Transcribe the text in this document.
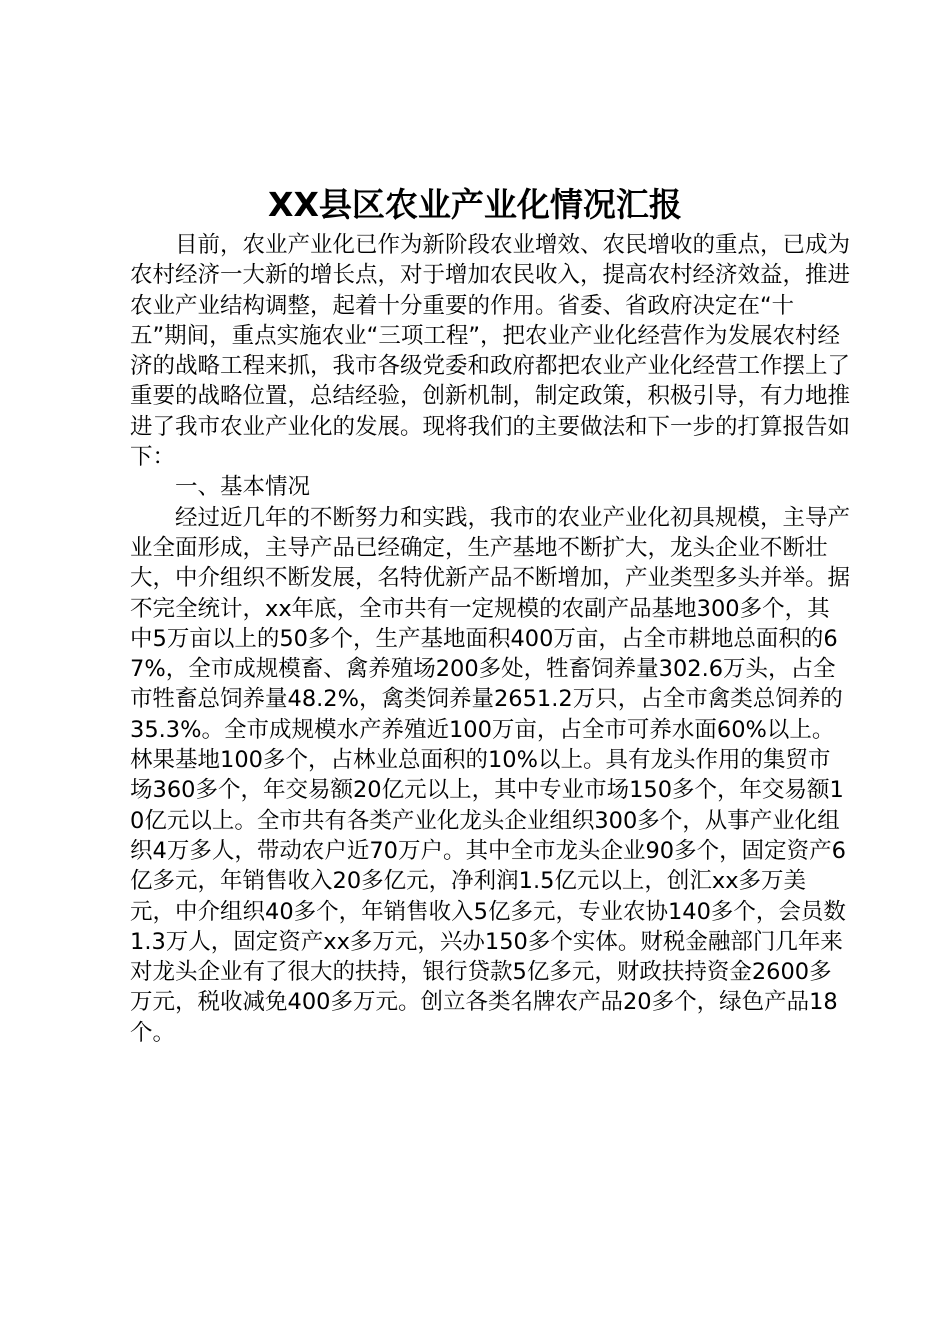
XX县区农业产业化情况汇报

目前，农业产业化已作为新阶段农业增效、农民增收的重点，已成为农村经济一大新的增长点，对于增加农民收入，提高农村经济效益，推进农业产业结构调整，起着十分重要的作用。省委、省政府决定在“十五”期间，重点实施农业“三项工程”，把农业产业化经营作为发展农村经济的战略工程来抓，我市各级党委和政府都把农业产业化经营工作摆上了重要的战略位置，总结经验，创新机制，制定政策，积极引导，有力地推进了我市农业产业化的发展。现将我们的主要做法和下一步的打算报告如下：

一、基本情况

经过近几年的不断努力和实践，我市的农业产业化初具规模，主导产业全面形成，主导产品已经确定，生产基地不断扩大，龙头企业不断壮大，中介组织不断发展，名特优新产品不断增加，产业类型多头并举。据不完全统计，xx年底，全市共有一定规模的农副产品基地300多个，其中5万亩以上的50多个，生产基地面积400万亩，占全市耕地总面积的67%，全市成规模畜、禽养殖场200多处，牲畜饲养量302.6万头，占全市牲畜总饲养量48.2%，禽类饲养量2651.2万只，占全市禽类总饲养的35.3%。全市成规模水产养殖近100万亩，占全市可养水面60%以上。林果基地100多个，占林业总面积的10%以上。具有龙头作用的集贸市场360多个，年交易额20亿元以上，其中专业市场150多个，年交易额10亿元以上。全市共有各类产业化龙头企业组织300多个，从事产业化组织4万多人，带动农户近70万户。其中全市龙头企业90多个，固定资产6亿多元，年销售收入20多亿元，净利润1.5亿元以上，创汇xx多万美元，中介组织40多个，年销售收入5亿多元，专业农协140多个，会员数1.3万人，固定资产xx多万元，兴办150多个实体。财税金融部门几年来对龙头企业有了很大的扶持，银行贷款5亿多元，财政扶持资金2600多万元，税收减免400多万元。创立各类名牌农产品20多个，绿色产品18个。
